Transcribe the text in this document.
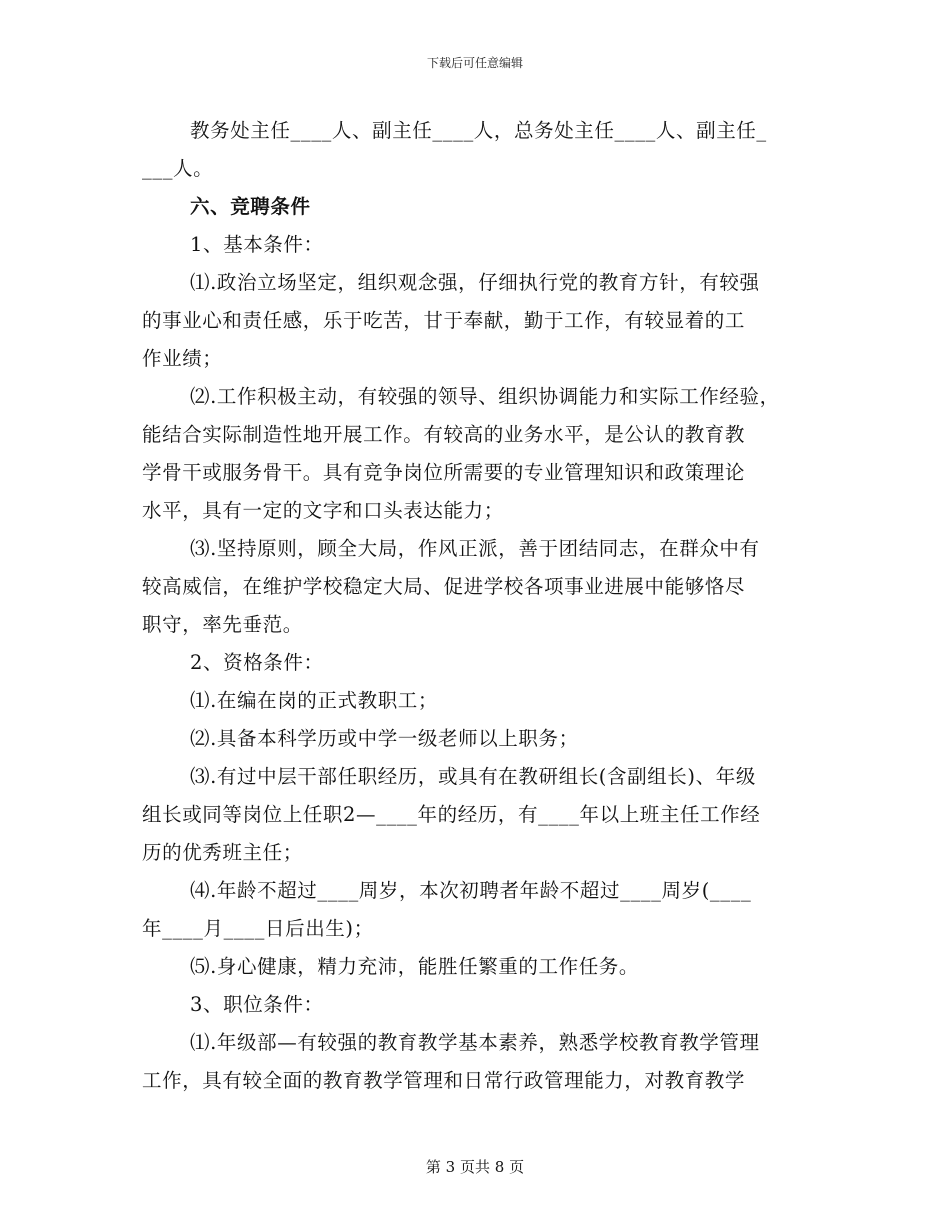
下载后可任意编辑
教务处主任____人、副主任____人，总务处主任____人、副主任_
___人。
六、竞聘条件
1、基本条件：
⑴.政治立场坚定，组织观念强，仔细执行党的教育方针，有较强
的事业心和责任感，乐于吃苦，甘于奉献，勤于工作，有较显着的工
作业绩；
⑵.工作积极主动，有较强的领导、组织协调能力和实际工作经验，
能结合实际制造性地开展工作。有较高的业务水平，是公认的教育教
学骨干或服务骨干。具有竞争岗位所需要的专业管理知识和政策理论
水平，具有一定的文字和口头表达能力；
⑶.坚持原则，顾全大局，作风正派，善于团结同志，在群众中有
较高威信，在维护学校稳定大局、促进学校各项事业进展中能够恪尽
职守，率先垂范。
2、资格条件：
⑴.在编在岗的正式教职工；
⑵.具备本科学历或中学一级老师以上职务；
⑶.有过中层干部任职经历，或具有在教研组长(含副组长)、年级
组长或同等岗位上任职2—____年的经历，有____年以上班主任工作经
历的优秀班主任；
⑷.年龄不超过____周岁，本次初聘者年龄不超过____周岁(____
年____月____日后出生)；
⑸.身心健康，精力充沛，能胜任繁重的工作任务。
3、职位条件：
⑴.年级部—有较强的教育教学基本素养，熟悉学校教育教学管理
工作，具有较全面的教育教学管理和日常行政管理能力，对教育教学
第 3 页共 8 页
